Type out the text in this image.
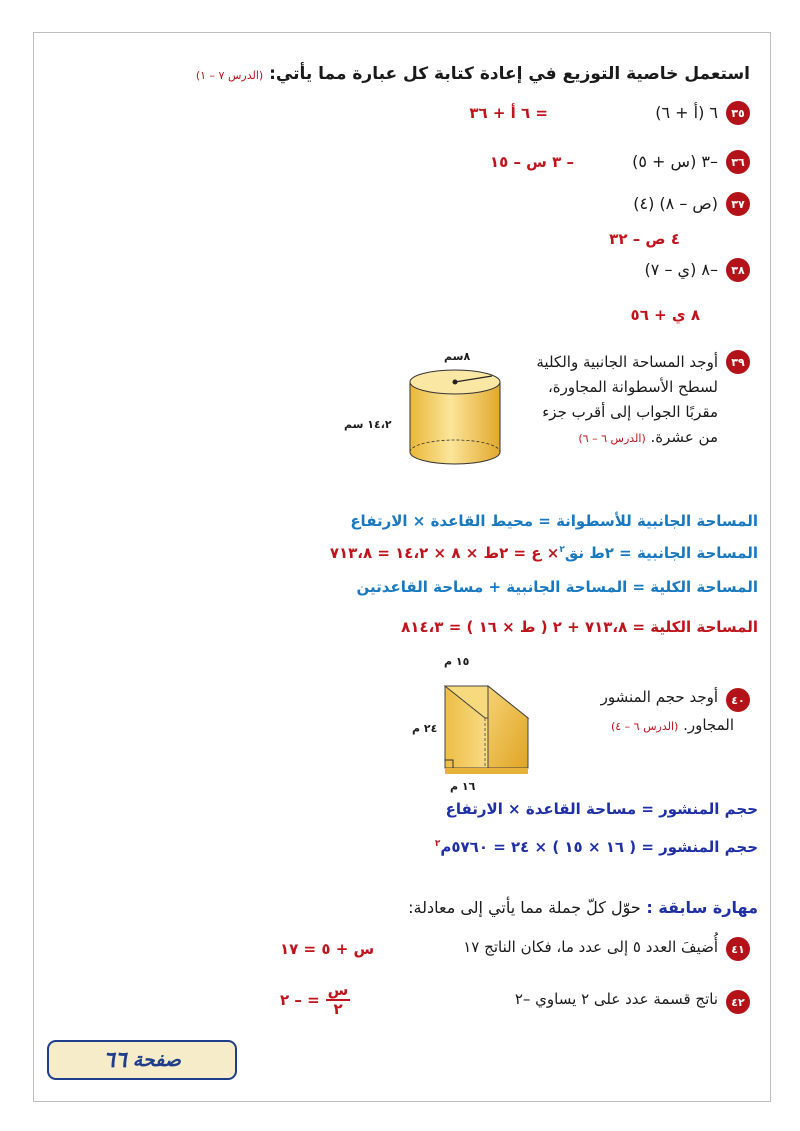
استعمل خاصية التوزيع في إعادة كتابة كل عبارة مما يأتي: (الدرس ٧ – ١)
٣٥
٦ (أ + ٦)
= ٦ أ + ٣٦
٣٦
–٣ (س + ٥)
– ٣ س – ١٥
٣٧
(ص – ٨) (٤)
٤ ص – ٣٢
٣٨
–٨ (ي – ٧)
٨ ي + ٥٦
٣٩
أوجد المساحة الجانبية والكلية
لسطح الأسطوانة المجاورة،
مقربًا الجواب إلى أقرب جزء
من عشرة. (الدرس ٦ – ٦)
٨سم
١٤،٢ سم
المساحة الجانبية للأسطوانة = محيط القاعدة × الارتفاع
المساحة الجانبية = ٢ط نق$^٢$× ع = ٢ط × ٨ × ١٤،٢ = ٧١٣،٨
المساحة الكلية = المساحة الجانبية + مساحة القاعدتين
المساحة الكلية = ٧١٣،٨ + ٢ ( ط × ١٦ ) = ٨١٤،٣
٤٠
أوجد حجم المنشور
المجاور. (الدرس ٦ – ٤)
١٥ م
٢٤ م
١٦ م
حجم المنشور = مساحة القاعدة × الارتفاع
حجم المنشور = ( ١٦ × ١٥ ) × ٢٤ = ٥٧٦٠م$^٢$
مهارة سابقة : حوّل كلّ جملة مما يأتي إلى معادلة:
٤١
أُضيفَ العدد ٥ إلى عدد ما، فكان الناتج ١٧
س + ٥ = ١٧
٤٢
ناتج قسمة عدد على ٢ يساوي –٢
س
٢
= – ٢
صفحة
٦٦
